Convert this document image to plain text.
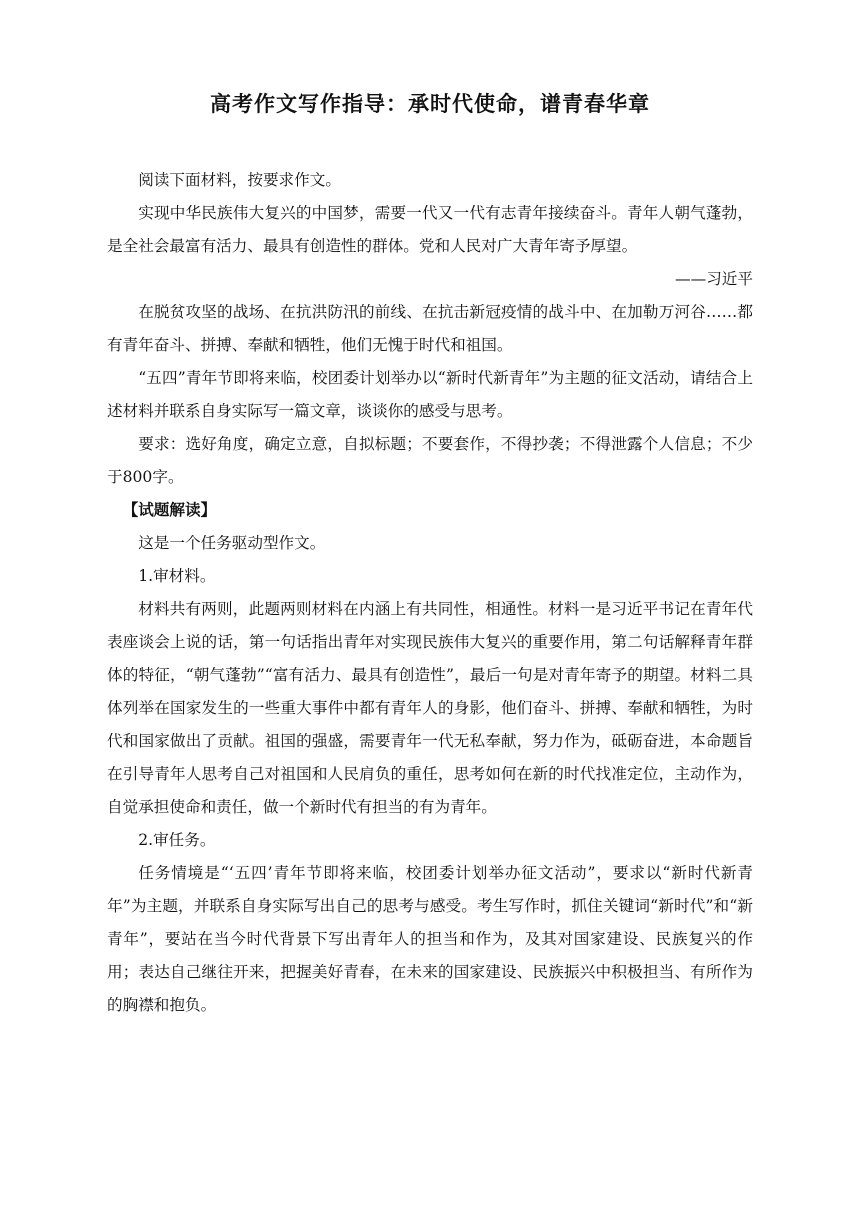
高考作文写作指导：承时代使命，谱青春华章

阅读下面材料，按要求作文。

实现中华民族伟大复兴的中国梦，需要一代又一代有志青年接续奋斗。青年人朝气蓬勃，是全社会最富有活力、最具有创造性的群体。党和人民对广大青年寄予厚望。

——习近平

在脱贫攻坚的战场、在抗洪防汛的前线、在抗击新冠疫情的战斗中、在加勒万河谷……都有青年奋斗、拼搏、奉献和牺牲，他们无愧于时代和祖国。

“五四”青年节即将来临，校团委计划举办以“新时代新青年”为主题的征文活动，请结合上述材料并联系自身实际写一篇文章，谈谈你的感受与思考。

要求：选好角度，确定立意，自拟标题；不要套作，不得抄袭；不得泄露个人信息；不少于800字。

【试题解读】

这是一个任务驱动型作文。

1.审材料。

材料共有两则，此题两则材料在内涵上有共同性，相通性。材料一是习近平书记在青年代表座谈会上说的话，第一句话指出青年对实现民族伟大复兴的重要作用，第二句话解释青年群体的特征，“朝气蓬勃”“富有活力、最具有创造性”，最后一句是对青年寄予的期望。材料二具体列举在国家发生的一些重大事件中都有青年人的身影，他们奋斗、拼搏、奉献和牺牲，为时代和国家做出了贡献。祖国的强盛，需要青年一代无私奉献，努力作为，砥砺奋进，本命题旨在引导青年人思考自己对祖国和人民肩负的重任，思考如何在新的时代找准定位，主动作为，自觉承担使命和责任，做一个新时代有担当的有为青年。

2.审任务。

任务情境是“‘五四’青年节即将来临，校团委计划举办征文活动”，要求以“新时代新青年”为主题，并联系自身实际写出自己的思考与感受。考生写作时，抓住关键词“新时代”和“新青年”，要站在当今时代背景下写出青年人的担当和作为，及其对国家建设、民族复兴的作用；表达自己继往开来，把握美好青春，在未来的国家建设、民族振兴中积极担当、有所作为的胸襟和抱负。
